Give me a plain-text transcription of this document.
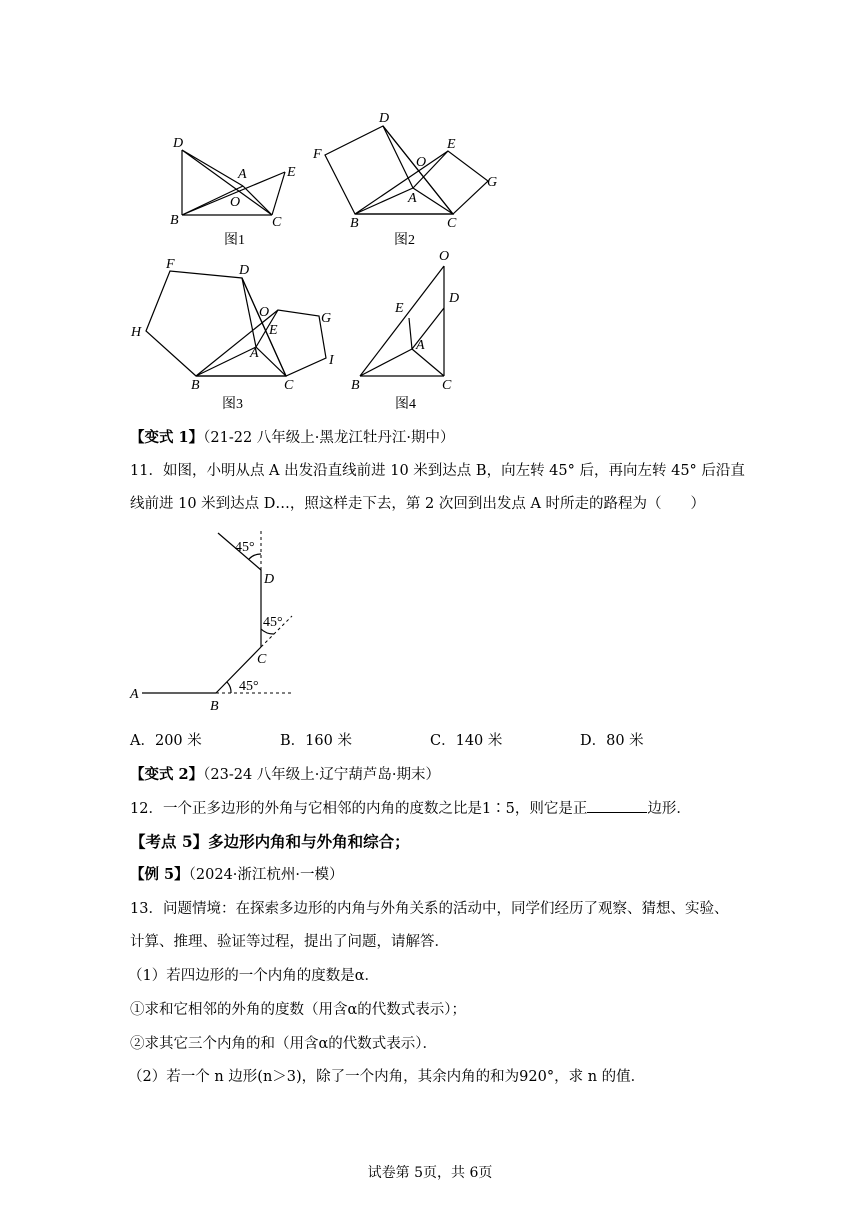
D
A	E
O
B	C
图1
D
F
E
O
G
A
B	C
图2
F	D
O	G
E
H
A	I
B	C
图3
O
D
E
A
B	C
图4
【变式 1】（21-22 八年级上·黑龙江牡丹江·期中）
11．如图，小明从点 A 出发沿直线前进 10 米到达点 B，向左转 45° 后，再向左转 45° 后沿直
线前进 10 米到达点 D…，照这样走下去，第 2 次回到出发点 A 时所走的路程为（　　）
A
B
C
D
45°
45°
45°
A．200 米	B．160 米	C．140 米	D．80 米
【变式 2】（23-24 八年级上·辽宁葫芦岛·期末）
12．一个正多边形的外角与它相邻的内角的度数之比是1∶5，则它是正	边形．
【考点 5】多边形内角和与外角和综合；
【例 5】（2024·浙江杭州·一模）
13．问题情境：在探索多边形的内角与外角关系的活动中，同学们经历了观察、猜想、实验、
计算、推理、验证等过程，提出了问题，请解答．
（1）若四边形的一个内角的度数是α．
①求和它相邻的外角的度数（用含α的代数式表示）；
②求其它三个内角的和（用含α的代数式表示）．
（2）若一个 n 边形(n＞3)，除了一个内角，其余内角的和为920°，求 n 的值．
试卷第 5页，共 6页
